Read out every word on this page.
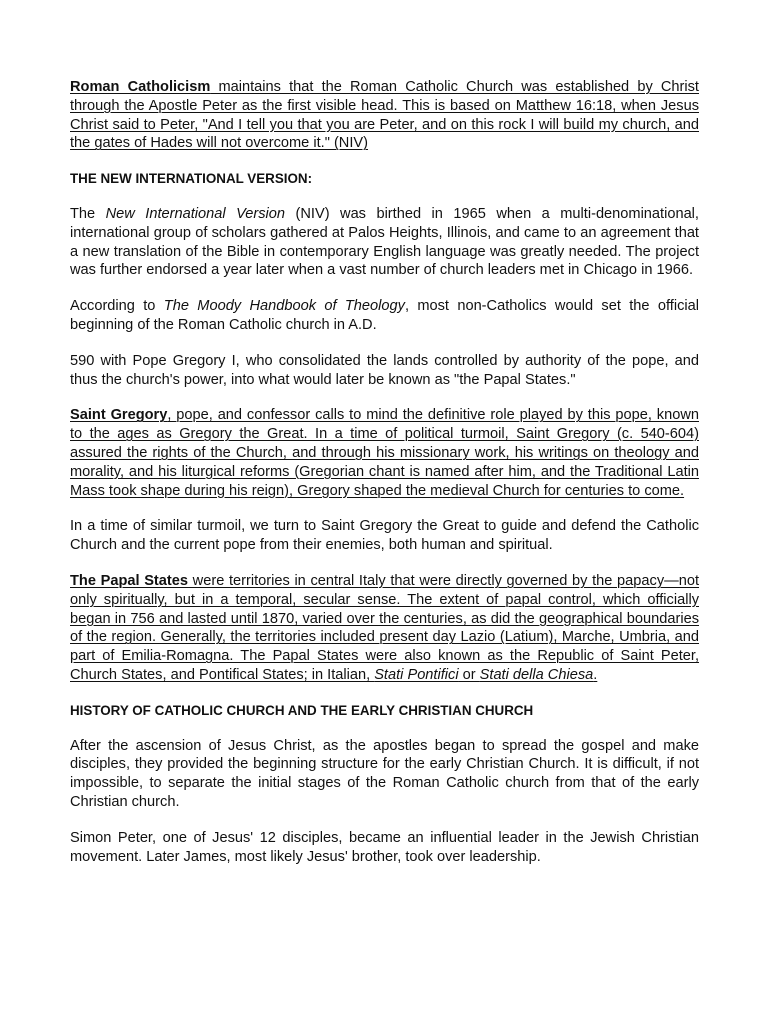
Roman Catholicism maintains that the Roman Catholic Church was established by Christ through the Apostle Peter as the first visible head. This is based on Matthew 16:18, when Jesus Christ said to Peter, "And I tell you that you are Peter, and on this rock I will build my church, and the gates of Hades will not overcome it." (NIV)

THE NEW INTERNATIONAL VERSION:

The New International Version (NIV) was birthed in 1965 when a multi-denominational, international group of scholars gathered at Palos Heights, Illinois, and came to an agreement that a new translation of the Bible in contemporary English language was greatly needed. The project was further endorsed a year later when a vast number of church leaders met in Chicago in 1966.

According to The Moody Handbook of Theology, most non-Catholics would set the official beginning of the Roman Catholic church in A.D.

590 with Pope Gregory I, who consolidated the lands controlled by authority of the pope, and thus the church's power, into what would later be known as "the Papal States."

Saint Gregory, pope, and confessor calls to mind the definitive role played by this pope, known to the ages as Gregory the Great. In a time of political turmoil, Saint Gregory (c. 540-604) assured the rights of the Church, and through his missionary work, his writings on theology and morality, and his liturgical reforms (Gregorian chant is named after him, and the Traditional Latin Mass took shape during his reign), Gregory shaped the medieval Church for centuries to come.

In a time of similar turmoil, we turn to Saint Gregory the Great to guide and defend the Catholic Church and the current pope from their enemies, both human and spiritual.

The Papal States were territories in central Italy that were directly governed by the papacy—not only spiritually, but in a temporal, secular sense. The extent of papal control, which officially began in 756 and lasted until 1870, varied over the centuries, as did the geographical boundaries of the region. Generally, the territories included present day Lazio (Latium), Marche, Umbria, and part of Emilia-Romagna. The Papal States were also known as the Republic of Saint Peter, Church States, and Pontifical States; in Italian, Stati Pontifici or Stati della Chiesa.

HISTORY OF CATHOLIC CHURCH AND THE EARLY CHRISTIAN CHURCH

After the ascension of Jesus Christ, as the apostles began to spread the gospel and make disciples, they provided the beginning structure for the early Christian Church. It is difficult, if not impossible, to separate the initial stages of the Roman Catholic church from that of the early Christian church.

Simon Peter, one of Jesus' 12 disciples, became an influential leader in the Jewish Christian movement. Later James, most likely Jesus' brother, took over leadership.
